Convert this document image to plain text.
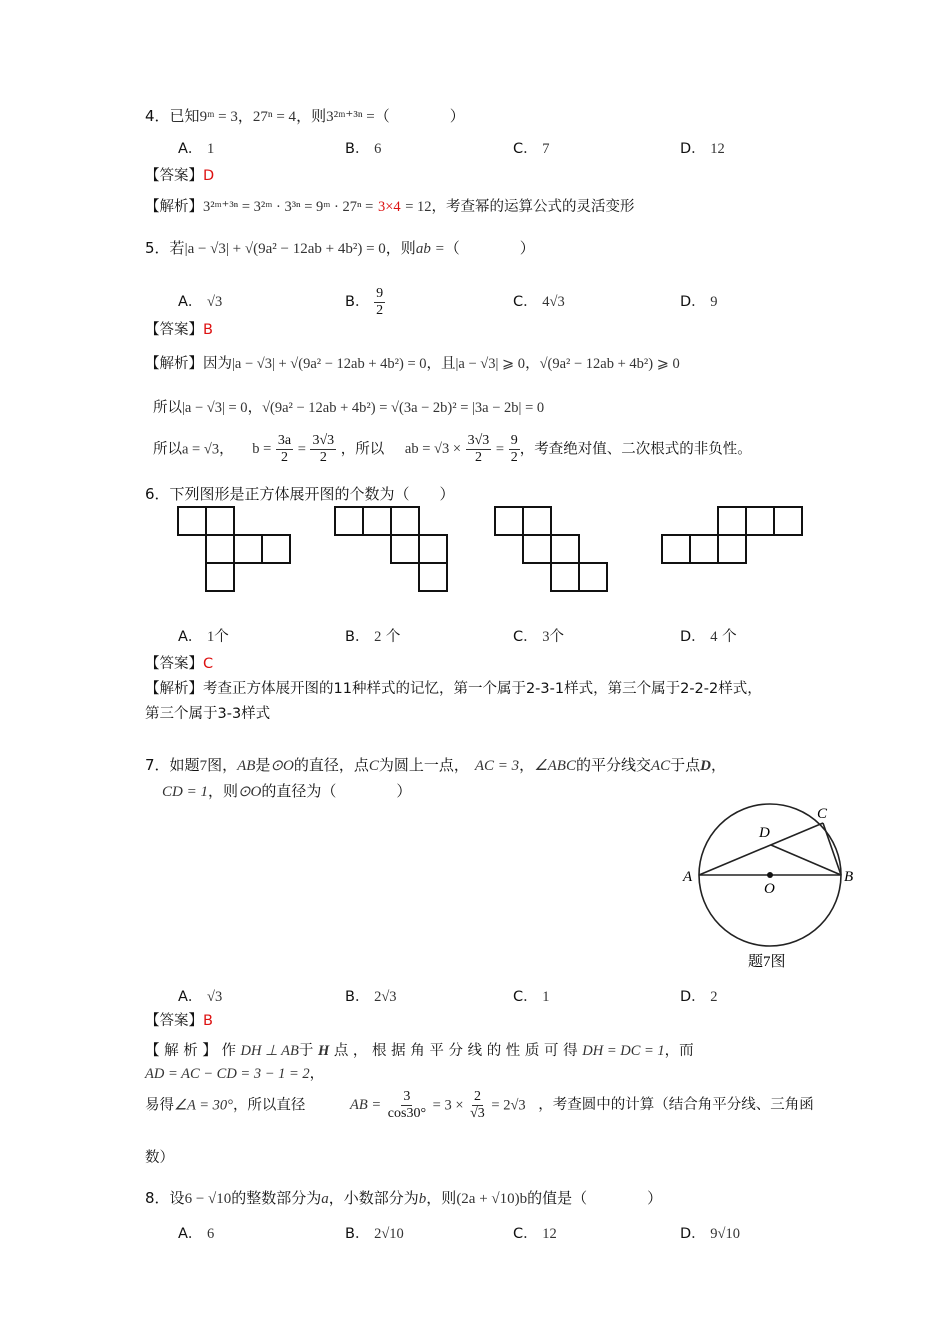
4．已知9ᵐ = 3，27ⁿ = 4，则3²ᵐ⁺³ⁿ =（　　　　）
A． 1	B． 6	C． 7	D． 12
【答案】D
【解析】3²ᵐ⁺³ⁿ = 3²ᵐ · 3³ⁿ = 9ᵐ · 27ⁿ = 3×4 = 12，考查幂的运算公式的灵活变形
5．若|a − √3| + √(9a² − 12ab + 4b²) = 0，则ab =（　　　　）
A． √3	B． $\frac{9}{2}$	C． 4√3	D． 9
【答案】B
【解析】因为|a − √3| + √(9a² − 12ab + 4b²) = 0，且|a − √3| ⩾ 0，√(9a² − 12ab + 4b²) ⩾ 0
所以|a − √3| = 0，√(9a² − 12ab + 4b²) = √(3a − 2b)² = |3a − 2b| = 0
所以a = √3， $b = \frac{3a}{2} = \frac{3√3}{2}$ ，所以 ab = $√3 \times \frac{3√3}{2} = \frac{9}{2}$ ，考查绝对值、二次根式的非负性。
6．下列图形是正方体展开图的个数为（　　）
A． 1个	B． 2 个	C． 3个	D． 4 个
【答案】C
【解析】考查正方体展开图的11种样式的记忆，第一个属于2-3-1样式，第三个属于2-2-2样式，
第三个属于3-3样式
7．如题7图，AB是⊙O的直径，点C为圆上一点， AC = 3，∠ABC的平分线交AC于点D，
CD = 1，则⊙O的直径为（　　　　）
A	B
C
D
O
题7图
A． √3	B． 2√3	C． 1	D． 2
【答案】B
【 解 析 】 作 DH ⊥ AB于 H 点 ， 根 据 角 平 分 线 的 性 质 可 得 DH = DC = 1，而
AD = AC − CD = 3 − 1 = 2，
易得∠A = 30°，所以直径	AB = $\frac{3}{\cos 30^\circ} = 3 \times \frac{2}{√3} = 2√3$ ，考查圆中的计算（结合角平分线、三角函
数）
8．设6 − √10的整数部分为a，小数部分为b，则(2a + √10)b的值是（　　　　）
A． 6	B． 2√10	C． 12	D． 9√10
